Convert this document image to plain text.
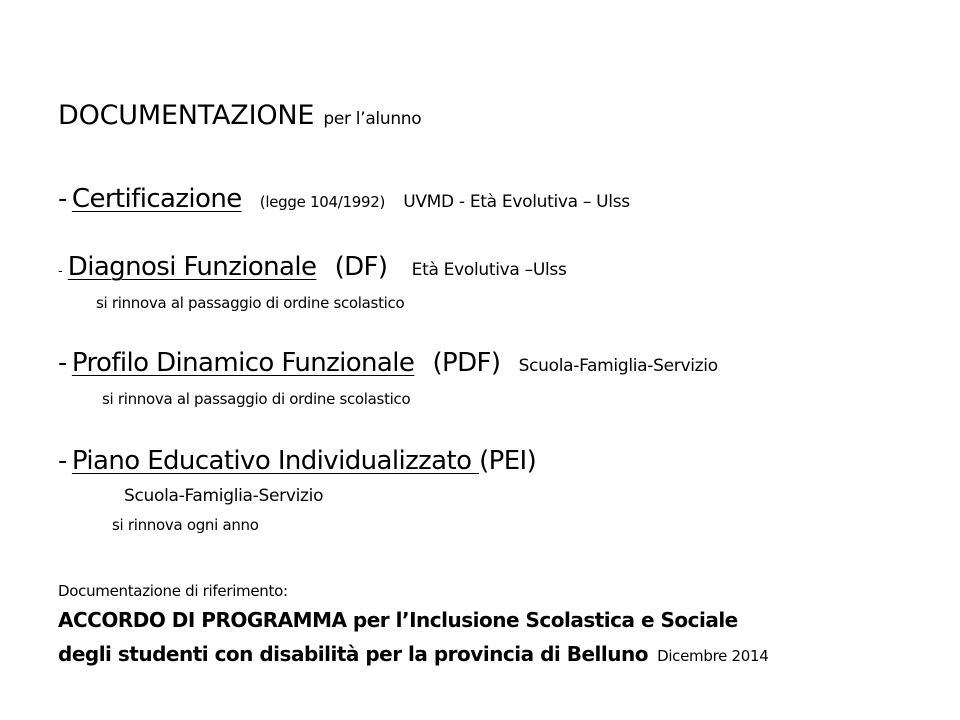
DOCUMENTAZIONE per l’alunno
- Certificazione (legge 104/1992) UVMD - Età Evolutiva – Ulss
- Diagnosi Funzionale (DF) Età Evolutiva –Ulss
si rinnova al passaggio di ordine scolastico
- Profilo Dinamico Funzionale (PDF) Scuola-Famiglia-Servizio
si rinnova al passaggio di ordine scolastico
- Piano Educativo Individualizzato (PEI)
Scuola-Famiglia-Servizio
si rinnova ogni anno
Documentazione di riferimento:
ACCORDO DI PROGRAMMA per l’Inclusione Scolastica e Sociale
degli studenti con disabilità per la provincia di Belluno Dicembre 2014
